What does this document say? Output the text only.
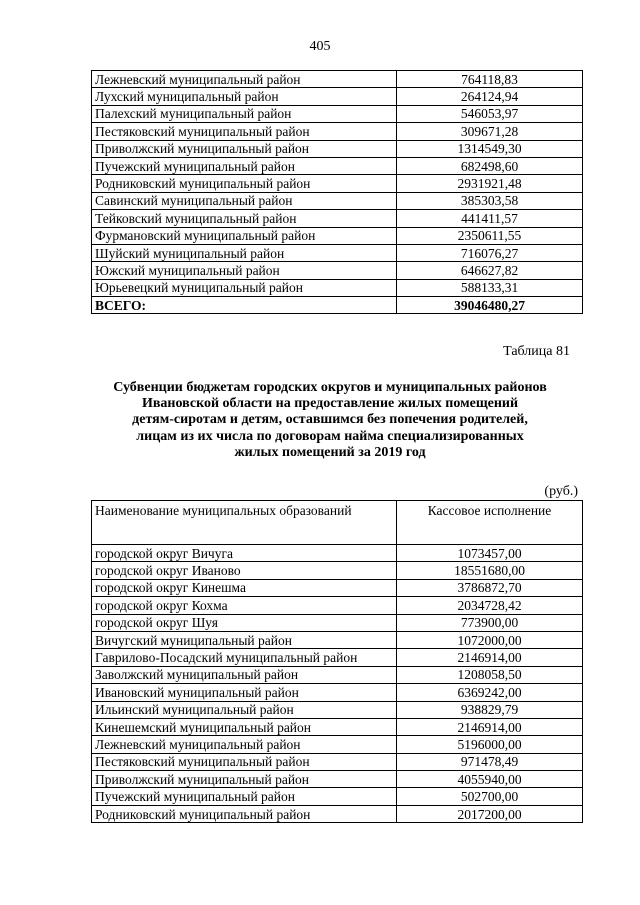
405
Лежневский муниципальный район	764118,83
Лухский муниципальный район	264124,94
Палехский муниципальный район	546053,97
Пестяковский муниципальный район	309671,28
Приволжский муниципальный район	1314549,30
Пучежский муниципальный район	682498,60
Родниковский муниципальный район	2931921,48
Савинский муниципальный район	385303,58
Тейковский муниципальный район	441411,57
Фурмановский муниципальный район	2350611,55
Шуйский муниципальный район	716076,27
Южский муниципальный район	646627,82
Юрьевецкий муниципальный район	588133,31
ВСЕГО:	39046480,27
Таблица 81
Субвенции бюджетам городских округов и муниципальных районов
Ивановской области на предоставление жилых помещений
детям-сиротам и детям, оставшимся без попечения родителей,
лицам из их числа по договорам найма специализированных
жилых помещений за 2019 год
(руб.)
Наименование муниципальных образований	Кассовое исполнение
городской округ Вичуга	1073457,00
городской округ Иваново	18551680,00
городской округ Кинешма	3786872,70
городской округ Кохма	2034728,42
городской округ Шуя	773900,00
Вичугский муниципальный район	1072000,00
Гаврилово-Посадский муниципальный район	2146914,00
Заволжский муниципальный район	1208058,50
Ивановский муниципальный район	6369242,00
Ильинский муниципальный район	938829,79
Кинешемский муниципальный район	2146914,00
Лежневский муниципальный район	5196000,00
Пестяковский муниципальный район	971478,49
Приволжский муниципальный район	4055940,00
Пучежский муниципальный район	502700,00
Родниковский муниципальный район	2017200,00
